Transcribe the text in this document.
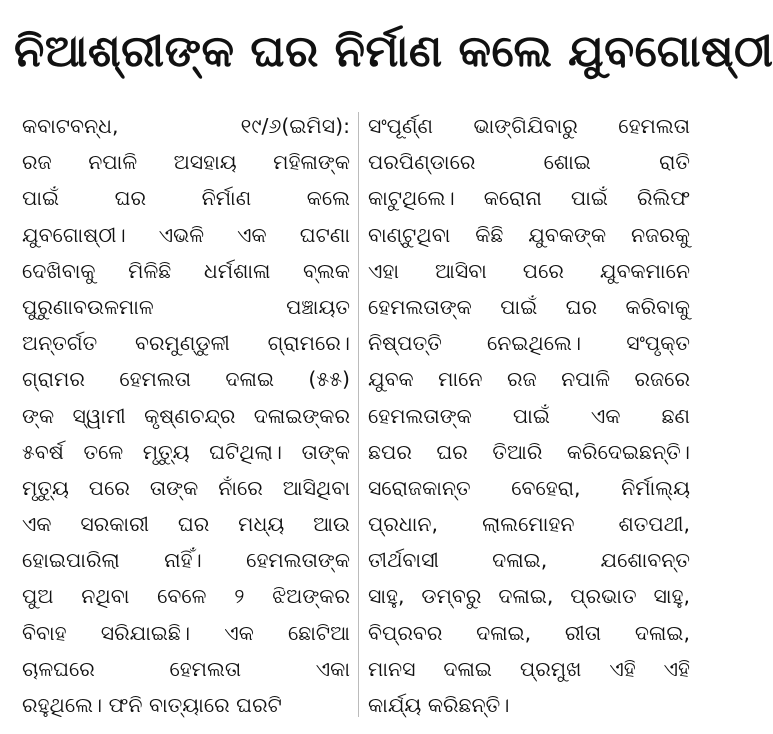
ନିଆଶ୍ରୀଙ୍କ ଘର ନିର୍ମାଣ କଲେ ଯୁବଗୋଷ୍ଠୀ
କବାଟବନ୍ଧ, ୧୯/୬(ଇମିସ):
ରଜ ନପାଳି ଅସହାୟ ମହିଳାଙ୍କ
ପାଇଁ ଘର ନିର୍ମାଣ କଲେ
ଯୁବଗୋଷ୍ଠୀ। ଏଭଳି ଏକ ଘଟଣା
ଦେଖିବାକୁ ମିଳିଛି ଧର୍ମଶାଳା ବ୍ଲକ
ପୁରୁଣାବଉଳମାଳ ପଞ୍ଚାୟତ
ଅନ୍ତର୍ଗତ ବରମୁଣ୍ଡୁଳୀ ଗ୍ରାମରେ।
ଗ୍ରାମର ହେମଲତା ଦଳାଇ (୫୫)
ଙ୍କ ସ୍ୱାମୀ କୃଷ୍ଣଚନ୍ଦ୍ର ଦଳାଇଙ୍କର
୫ବର୍ଷ ତଳେ ମୃତ୍ୟୁ ଘଟିଥିଲା। ତାଙ୍କ
ମୃତ୍ୟୁ ପରେ ତାଙ୍କ ନାଁରେ ଆସିଥିବା
ଏକ ସରକାରୀ ଘର ମଧ୍ୟ ଆଉ
ହୋଇପାରିଲା ନାହିଁ। ହେମଲତାଙ୍କ
ପୁଅ ନଥିବା ବେଳେ ୨ ଝିଅଙ୍କର
ବିବାହ ସରିଯାଇଛି। ଏକ ଛୋଟିଆ
ଚାଳଘରେ ହେମଲତା ଏକା
ରହୁଥିଲେ। ଫନି ବାତ୍ୟାରେ ଘରଟି
ସଂପୂର୍ଣ୍ଣ ଭାଙ୍ଗିଯିବାରୁ ହେମଲତା
ପରପିଣ୍ଡାରେ ଶୋଇ ରାତି
କାଟୁଥିଲେ। କରୋନା ପାଇଁ ରିଲିଫ
ବାଣ୍ଟୁଥିବା କିଛି ଯୁବକଙ୍କ ନଜରକୁ
ଏହା ଆସିବା ପରେ ଯୁବକମାନେ
ହେମଲତାଙ୍କ ପାଇଁ ଘର କରିବାକୁ
ନିଷ୍ପତ୍ତି ନେଇଥିଲେ। ସଂପୃକ୍ତ
ଯୁବକ ମାନେ ରଜ ନପାଳି ରଜରେ
ହେମଲତାଙ୍କ ପାଇଁ ଏକ ଛଣ
ଛପର ଘର ତିଆରି କରିଦେଇଛନ୍ତି।
ସରୋଜକାନ୍ତ ବେହେରା, ନିର୍ମାଲ୍ୟ
ପ୍ରଧାନ, ଲାଲମୋହନ ଶତପଥୀ,
ତୀର୍ଥବାସୀ ଦଳାଇ, ଯଶୋବନ୍ତ
ସାହୁ, ଡମ୍ବରୁ ଦଳାଇ, ପ୍ରଭାତ ସାହୁ,
ବିପ୍ରବର ଦଳାଇ, ରୀତା ଦଳାଇ,
ମାନସ ଦଳାଇ ପ୍ରମୁଖ ଏହି ଏହି
କାର୍ଯ୍ୟ କରିଛନ୍ତି।
